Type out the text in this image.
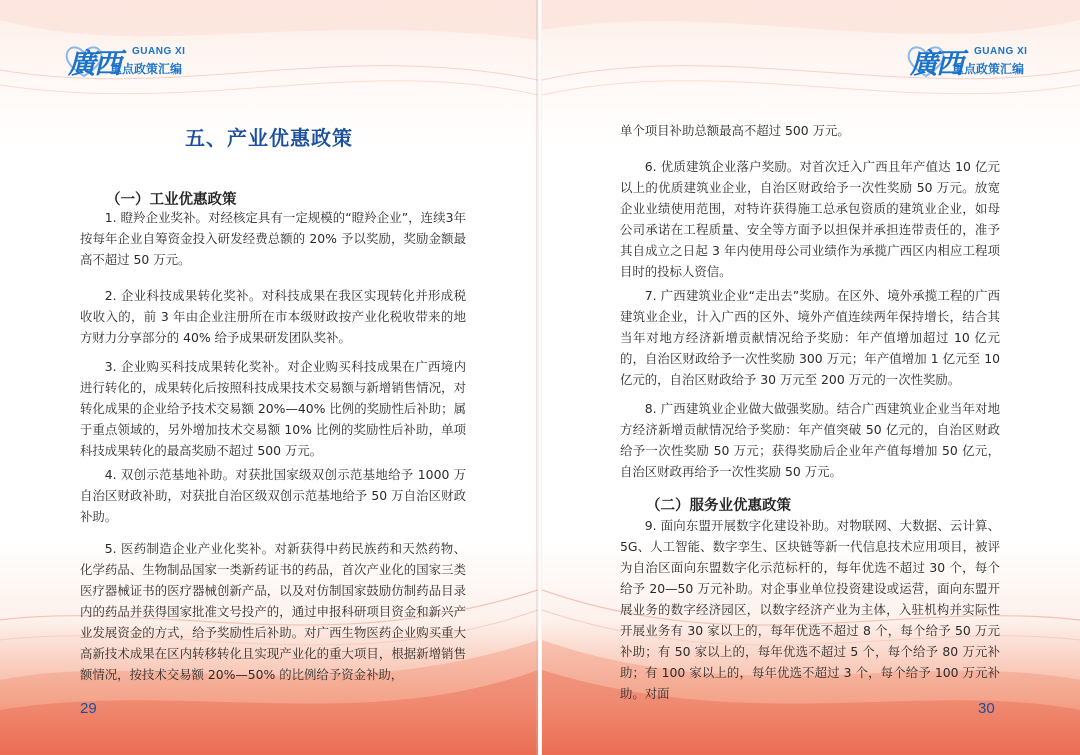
廣西 GUANG XI
重点政策汇编
五、产业优惠政策
（一）工业优惠政策

1. 瞪羚企业奖补。对经核定具有一定规模的“瞪羚企业”，连续3年按每年企业自筹资金投入研发经费总额的 20% 予以奖励，奖励金额最高不超过 50 万元。

2. 企业科技成果转化奖补。对科技成果在我区实现转化并形成税收收入的，前 3 年由企业注册所在市本级财政按产业化税收带来的地方财力分享部分的 40% 给予成果研发团队奖补。

3. 企业购买科技成果转化奖补。对企业购买科技成果在广西境内进行转化的，成果转化后按照科技成果技术交易额与新增销售情况，对转化成果的企业给予技术交易额 20%—40% 比例的奖励性后补助；属于重点领域的，另外增加技术交易额 10% 比例的奖励性后补助，单项科技成果转化的最高奖励不超过 500 万元。

4. 双创示范基地补助。对获批国家级双创示范基地给予 1000 万自治区财政补助，对获批自治区级双创示范基地给予 50 万自治区财政补助。

5. 医药制造企业产业化奖补。对新获得中药民族药和天然药物、化学药品、生物制品国家一类新药证书的药品，首次产业化的国家三类医疗器械证书的医疗器械创新产品，以及对仿制国家鼓励仿制药品目录内的药品并获得国家批准文号投产的，通过申报科研项目资金和新兴产业发展资金的方式，给予奖励性后补助。对广西生物医药企业购买重大高新技术成果在区内转移转化且实现产业化的重大项目，根据新增销售额情况，按技术交易额 20%—50% 的比例给予资金补助，

29
廣西 GUANG XI
重点政策汇编

单个项目补助总额最高不超过 500 万元。

6. 优质建筑企业落户奖励。对首次迁入广西且年产值达 10 亿元以上的优质建筑业企业，自治区财政给予一次性奖励 50 万元。放宽企业业绩使用范围，对特许获得施工总承包资质的建筑业企业，如母公司承诺在工程质量、安全等方面予以担保并承担连带责任的，准予其自成立之日起 3 年内使用母公司业绩作为承揽广西区内相应工程项目时的投标人资信。

7. 广西建筑业企业“走出去”奖励。在区外、境外承揽工程的广西建筑业企业，计入广西的区外、境外产值连续两年保持增长，结合其当年对地方经济新增贡献情况给予奖励：年产值增加超过 10 亿元的，自治区财政给予一次性奖励 300 万元；年产值增加 1 亿元至 10 亿元的，自治区财政给予 30 万元至 200 万元的一次性奖励。

8. 广西建筑业企业做大做强奖励。结合广西建筑业企业当年对地方经济新增贡献情况给予奖励：年产值突破 50 亿元的，自治区财政给予一次性奖励 50 万元；获得奖励后企业年产值每增加 50 亿元，自治区财政再给予一次性奖励 50 万元。

（二）服务业优惠政策

9. 面向东盟开展数字化建设补助。对物联网、大数据、云计算、5G、人工智能、数字孪生、区块链等新一代信息技术应用项目，被评为自治区面向东盟数字化示范标杆的，每年优选不超过 30 个，每个给予 20—50 万元补助。对企事业单位投资建设或运营，面向东盟开展业务的数字经济园区，以数字经济产业为主体，入驻机构并实际性开展业务有 30 家以上的，每年优选不超过 8 个，每个给予 50 万元补助；有 50 家以上的，每年优选不超过 5 个，每个给予 80 万元补助；有 100 家以上的，每年优选不超过 3 个，每个给予 100 万元补助。对面

30
